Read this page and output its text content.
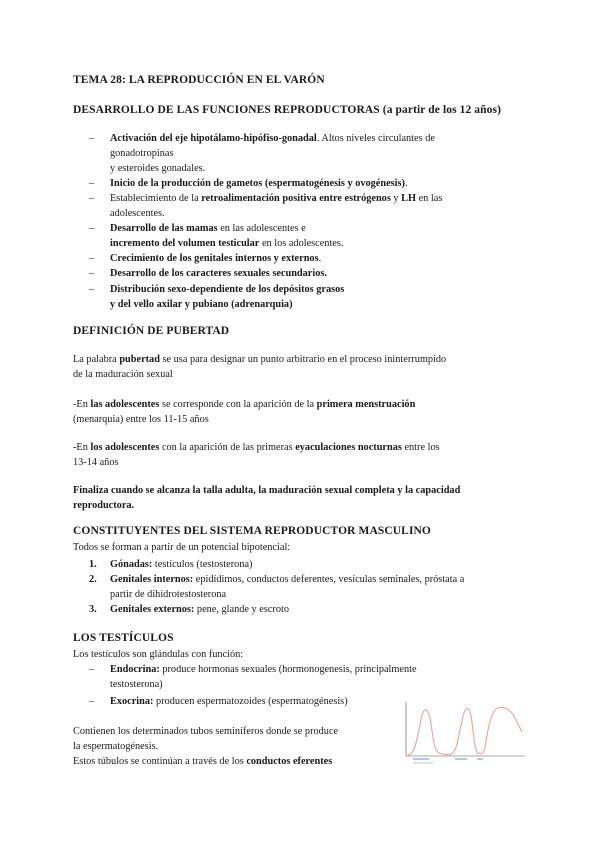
TEMA 28: LA REPRODUCCIÓN EN EL VARÓN
DESARROLLO DE LAS FUNCIONES REPRODUCTORAS (a partir de los 12 años)
– Activación del eje hipotálamo-hipófiso-gonadal. Altos niveles circulantes de
gonadotropinas
y esteroides gonadales.
– Inicio de la producción de gametos (espermatogénesis y ovogénesis).
– Establecimiento de la retroalimentación positiva entre estrógenos y LH en las
adolescentes.
– Desarrollo de las mamas en las adolescentes e
incremento del volumen testicular en los adolescentes.
– Crecimiento de los genitales internos y externos.
– Desarrollo de los caracteres sexuales secundarios.
– Distribución sexo-dependiente de los depósitos grasos
y del vello axilar y pubiano (adrenarquia)
DEFINICIÓN DE PUBERTAD
La palabra pubertad se usa para designar un punto arbitrario en el proceso ininterrumpido
de la maduración sexual
-En las adolescentes se corresponde con la aparición de la primera menstruación
(menarquia) entre los 11-15 años
-En los adolescentes con la aparición de las primeras eyaculaciones nocturnas entre los
13-14 años
Finaliza cuando se alcanza la talla adulta, la maduración sexual completa y la capacidad
reproductora.
CONSTITUYENTES DEL SISTEMA REPRODUCTOR MASCULINO
Todos se forman a partir de un potencial bipotencial:
1. Gónadas: testículos (testosterona)
2. Genitales internos: epidídimos, conductos deferentes, vesículas seminales, próstata a
partir de dihidrotestosterona
3. Genitales externos: pene, glande y escroto
LOS TESTÍCULOS
Los testículos son glándulas con función:
– Endocrina: produce hormonas sexuales (hormonogenesis, principalmente
testosterona)
– Exocrina: producen espermatozoides (espermatogénesis)
Contienen los determinados tubos seminíferos donde se produce
la espermatogénesis.
Estos túbulos se continúan a través de los conductos eferentes
